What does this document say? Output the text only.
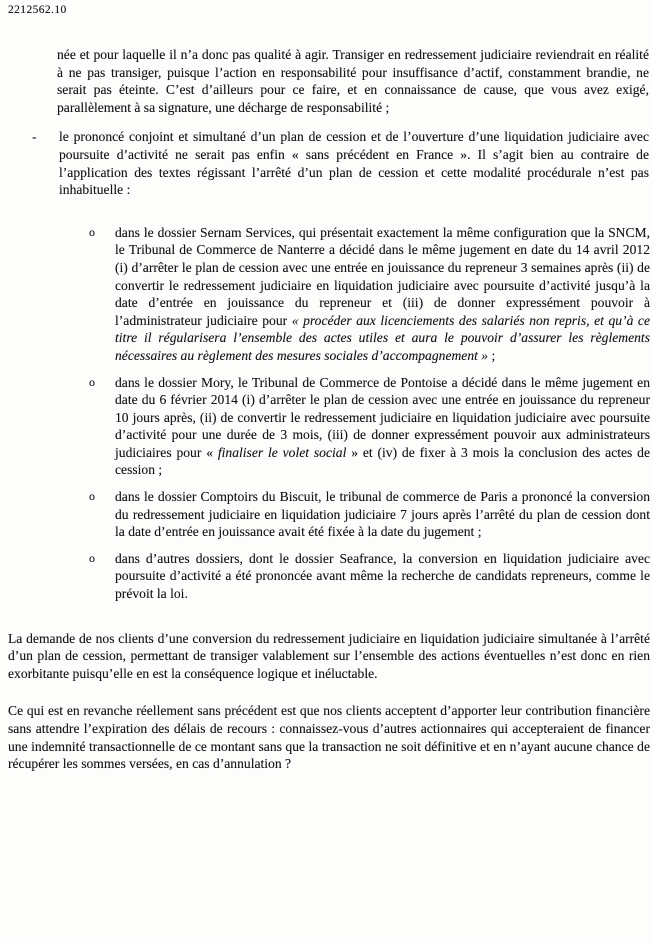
2212562.10

née et pour laquelle il n’a donc pas qualité à agir. Transiger en redressement judiciaire reviendrait en réalité à ne pas transiger, puisque l’action en responsabilité pour insuffisance d’actif, constamment brandie, ne serait pas éteinte. C’est d’ailleurs pour ce faire, et en connaissance de cause, que vous avez exigé, parallèlement à sa signature, une décharge de responsabilité ;

-	le prononcé conjoint et simultané d’un plan de cession et de l’ouverture d’une liquidation judiciaire avec poursuite d’activité ne serait pas enfin « sans précédent en France ». Il s’agit bien au contraire de l’application des textes régissant l’arrêté d’un plan de cession et cette modalité procédurale n’est pas inhabituelle :

o	dans le dossier Sernam Services, qui présentait exactement la même configuration que la SNCM, le Tribunal de Commerce de Nanterre a décidé dans le même jugement en date du 14 avril 2012 (i) d’arrêter le plan de cession avec une entrée en jouissance du repreneur 3 semaines après (ii) de convertir le redressement judiciaire en liquidation judiciaire avec poursuite d’activité jusqu’à la date d’entrée en jouissance du repreneur et (iii) de donner expressément pouvoir à l’administrateur judiciaire pour « procéder aux licenciements des salariés non repris, et qu’à ce titre il régularisera l’ensemble des actes utiles et aura le pouvoir d’assurer les règlements nécessaires au règlement des mesures sociales d’accompagnement » ;

o	dans le dossier Mory, le Tribunal de Commerce de Pontoise a décidé dans le même jugement en date du 6 février 2014 (i) d’arrêter le plan de cession avec une entrée en jouissance du repreneur 10 jours après, (ii) de convertir le redressement judiciaire en liquidation judiciaire avec poursuite d’activité pour une durée de 3 mois, (iii) de donner expressément pouvoir aux administrateurs judiciaires pour « finaliser le volet social » et (iv) de fixer à 3 mois la conclusion des actes de cession ;

o	dans le dossier Comptoirs du Biscuit, le tribunal de commerce de Paris a prononcé la conversion du redressement judiciaire en liquidation judiciaire 7 jours après l’arrêté du plan de cession dont la date d’entrée en jouissance avait été fixée à la date du jugement ;

o	dans d’autres dossiers, dont le dossier Seafrance, la conversion en liquidation judiciaire avec poursuite d’activité a été prononcée avant même la recherche de candidats repreneurs, comme le prévoit la loi.

La demande de nos clients d’une conversion du redressement judiciaire en liquidation judiciaire simultanée à l’arrêté d’un plan de cession, permettant de transiger valablement sur l’ensemble des actions éventuelles n’est donc en rien exorbitante puisqu’elle en est la conséquence logique et inéluctable.

Ce qui est en revanche réellement sans précédent est que nos clients acceptent d’apporter leur contribution financière sans attendre l’expiration des délais de recours : connaissez-vous d’autres actionnaires qui accepteraient de financer une indemnité transactionnelle de ce montant sans que la transaction ne soit définitive et en n’ayant aucune chance de récupérer les sommes versées, en cas d’annulation ?
